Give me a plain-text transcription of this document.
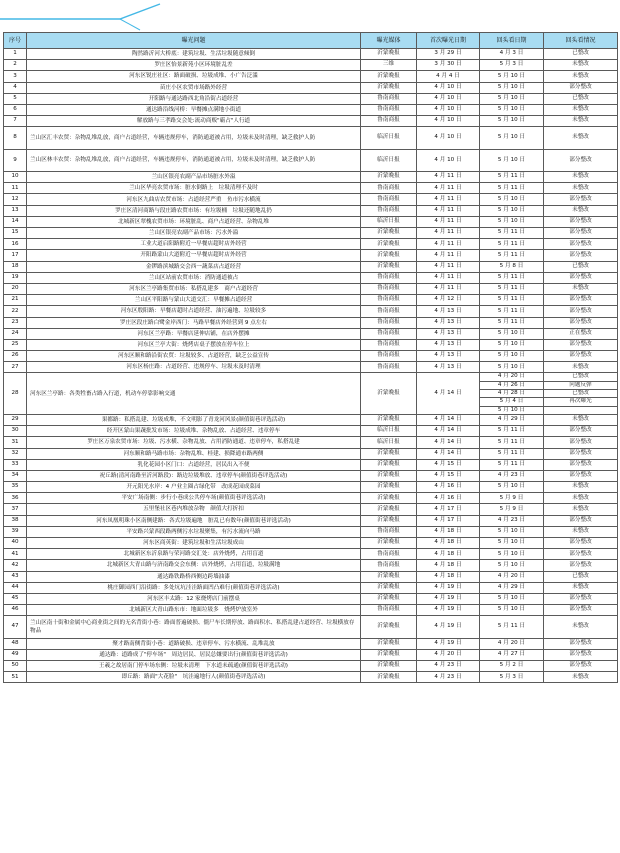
序号	曝光问题	曝光媒体	首次曝光日期	回头看日期	回头看情况
1	陶然路沂河大桥底：建筑垃圾、生活垃圾随意倾倒	沂蒙晚报	3 月 29 日	4 月 3 日	已整改
2	罗庄区怡景新苑小区环境脏乱差	三维	3 月 30 日	5 月 3 日	未整改
3	河东区锐庄社区：路面破损、垃圾成堆、小广告泛滥	沂蒙晚报	4 月 4 日	5 月 10 日	未整改
4	苗庄小区农贸市场路外经营	沂蒙晚报	4 月 10 日	5 月 10 日	部分整改
5	开阳路与通达路西北角沿街占道经营	鲁南商报	4 月 10 日	5 月 10 日	已整改
6	通达路沿线河桥：早餐摊点满地小街道	鲁南商报	4 月 10 日	5 月 10 日	未整改
7	解放路与三孝路交会处:流动商贩"霸占"人行道	鲁南商报	4 月 10 日	5 月 10 日	未整改
8	兰山区汇丰农贸：杂物乱堆乱放，商户占道经营，车辆违规停车，消防通道被占用，垃圾未及时清理，缺乏救护人防	临沂日报	4 月 10 日	5 月 10 日	未整改
9	兰山区林丰农贸：杂物乱堆乱放，商户占道经营，车辆违规停车，消防通道被占用，垃圾未及时清理，缺乏救护人防	临沂日报	4 月 10 日	5 月 10 日	部分整改
10	兰山区银亮农副产品市场脏水外溢	沂蒙晚报	4 月 11 日	5 月 11 日	未整改
11	兰山区华亮农贸市场：脏水倒路上　垃圾清理不及时	鲁南商报	4 月 11 日	5 月 11 日	未整改
12	河东区九曲店农贸市场：占道经营严重　鱼市污水横流	鲁南商报	4 月 11 日	5 月 10 日	部分整改
13	罗庄区清河商路与段庄路农贸市场：有垃圾桶　垃圾还随地乱扔	鲁南商报	4 月 11 日	5 月 10 日	未整改
14	北城新区翠槐农贸市场：环境脏乱、商户占道经营、杂物乱堆	临沂日报	4 月 11 日	5 月 10 日	部分整改
15	兰山区银亮农副产品市场：污水外溢	沂蒙晚报	4 月 11 日	5 月 11 日	部分整改
16	工业大道启阳路附近一早餐店超时店外经营	沂蒙晚报	4 月 11 日	5 月 11 日	部分整改
17	开阳路蒙山大道附近一早餐店超时店外经营	沂蒙晚报	4 月 11 日	5 月 11 日	部分整改
18	金锣路滨城路交会西一蔬菜店占道经营	沂蒙晚报	4 月 11 日	5 月 8 日	已整改
19	兰山区站前农贸市场：消防通道被占	鲁南商报	4 月 11 日	5 月 11 日	部分整改
20	河东区兰亭路集贸市场：私搭乱建多　商户占道经营	鲁南商报	4 月 11 日	5 月 11 日	未整改
21	兰山区平阳路与蒙山大道交汇：早餐摊占道经营	鲁南商报	4 月 12 日	5 月 11 日	部分整改
22	河东区殷阳路：早餐店超时占道经营、油污遍地、垃圾较多	鲁南商报	4 月 13 日	5 月 11 日	部分整改
23	罗庄区段庄路白鹭金岸西门：马路早餐店外经营到 9 点左右	鲁南商报	4 月 13 日	5 月 11 日	部分整改
24	河东区兰亭路：早餐店延伸店铺，在店外摆摊	鲁南商报	4 月 13 日	5 月 10 日	正在整改
25	河东区兰亭大街：烧烤店桌子摆放在停车位上	鲁南商报	4 月 13 日	5 月 10 日	部分整改
26	河东区顺和路沿街农贸：垃圾较多、占道经营，缺乏公益宣传	鲁南商报	4 月 13 日	5 月 10 日	部分整改
27	河东区杨庄路：占道经营、违规停车、垃圾未及时清理	鲁南商报	4 月 13 日	5 月 10 日	未整改
28	河东区兰亭路：各类牲畜占路入行道，机动车停靠影响交通	沂蒙晚报	4 月 14 日	4 月 20 日	已整改
				4 月 26 日	问题反弹
				4 月 28 日	已整改
				5 月 4 日	再次曝光
				5 月 10 日	
29	果都路：私搭乱建、垃圾成堆，不文明影了青龙河风景(颜值街巷评选活动)	沂蒙晚报	4 月 14 日	4 月 29 日	未整改
30	经开区蒙山果蔬批发市场：垃圾成堆、杂物乱放、占道经营、违章停车	临沂日报	4 月 14 日	5 月 11 日	部分整改
31	罗庄区万泉农贸市场：垃圾、污水横、杂物乱放、占用消防通道、违章停车，私搭乱建	临沂日报	4 月 14 日	5 月 11 日	部分整改
32	河东顺和路马路市场：杂物乱堆、桂建、损降通市路两侧	沂蒙晚报	4 月 14 日	5 月 11 日	部分整改
33	乳化花园小区门口：占道经营，居民出入不便	沂蒙晚报	4 月 15 日	5 月 11 日	部分整改
34	祝丘路(清河南路至沂河路段)：路边垃圾堆放、违章停车(颜值街巷评选活动)	沂蒙晚报	4 月 15 日	4 月 23 日	部分整改
35	开元阳光水岸：4 户业主圈占绿化带　改成花园成菜园	沂蒙晚报	4 月 16 日	5 月 10 日	未整改
36	平安广场南侧：步行小巷成公共停车场(颜值街巷评选活动)	沂蒙晚报	4 月 16 日	5 月 9 日	未整改
37	五里堡社区巷内堆放杂物　颜值大打折扣	沂蒙晚报	4 月 17 日	5 月 9 日	未整改
38	河东凤凰明珠小区南侧建路：各式垃圾遍地　脏乱已有数年(颜值街巷评选活动)	沂蒙晚报	4 月 17 日	4 月 23 日	部分整改
39	平安路兴蒙西段路两侧污水垃圾聚集，有污水流向马路	鲁南商报	4 月 18 日	5 月 10 日	未整改
40	河东区商英街：建筑垃圾和生活垃圾成山	沂蒙晚报	4 月 18 日	5 月 10 日	部分整改
41	北城新区东沂泉路与荣河路交汇处：店外烧烤，占用盲道	鲁南商报	4 月 18 日	5 月 10 日	部分整改
42	北城新区大青山路与济南路交会东侧：店外烧烤，占用盲道，垃圾满地	鲁南商报	4 月 18 日	5 月 10 日	部分整改
43	通达路铁路桥西侧边跨墙油漆	沂蒙晚报	4 月 18 日	4 月 20 日	已整改
44	桃庄御园西门沿街路：多处坑坑洼洼路面凹凸难行(颜值街巷评选活动)	沂蒙晚报	4 月 19 日	4 月 29 日	未整改
45	河东区丰太路：12 家烧烤店门前摆桌	沂蒙晚报	4 月 19 日	5 月 10 日	部分整改
46	北城新区大青山路东市：地面垃圾多　烧烤炉放室外	鲁南商报	4 月 19 日	5 月 10 日	部分整改
47	兰山区南十街和金属中心商业街之间的无名背街小巷：路面普遍破损、僵尸车长期停放、路面积水、私搭乱建占道经营、垃圾横放存物品	沂蒙晚报	4 月 19 日	5 月 11 日	未整改
48	聚才路南侧背街小巷：道路破损、违章停车、污水横流、乱堆乱放	沂蒙晚报	4 月 19 日	4 月 20 日	部分整改
49	通达路：道路成了"停车场"　周边居民、居民总嫌要出行(颜值街巷评选活动)	沂蒙晚报	4 月 20 日	4 月 27 日	部分整改
50	王羲之故居南门停车场东侧：垃圾未清理　下水道未疏通(颜值街巷评选活动)	沂蒙晚报	4 月 23 日	5 月 2 日	部分整改
51	即丘路：路面"大花脸"　坑洼遍地行人(颜值街巷评选活动)	沂蒙晚报	4 月 23 日	5 月 3 日	未整改
